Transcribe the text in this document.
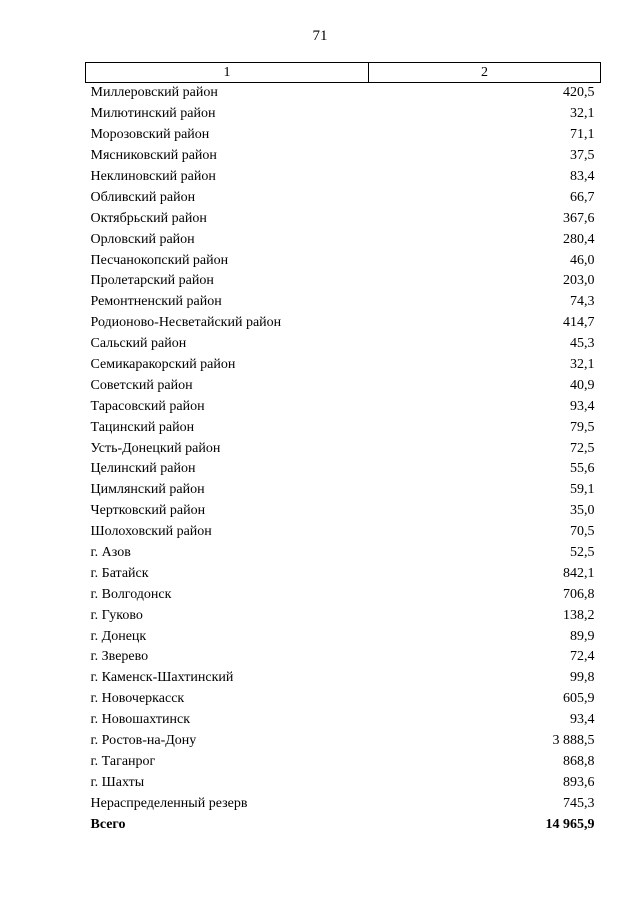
71
1	2
Миллеровский район	420,5
Милютинский район	32,1
Морозовский район	71,1
Мясниковский район	37,5
Неклиновский район	83,4
Обливский район	66,7
Октябрьский район	367,6
Орловский район	280,4
Песчанокопский район	46,0
Пролетарский район	203,0
Ремонтненский район	74,3
Родионово-Несветайский район	414,7
Сальский район	45,3
Семикаракорский район	32,1
Советский район	40,9
Тарасовский район	93,4
Тацинский район	79,5
Усть-Донецкий район	72,5
Целинский район	55,6
Цимлянский район	59,1
Чертковский район	35,0
Шолоховский район	70,5
г. Азов	52,5
г. Батайск	842,1
г. Волгодонск	706,8
г. Гуково	138,2
г. Донецк	89,9
г. Зверево	72,4
г. Каменск-Шахтинский	99,8
г. Новочеркасск	605,9
г. Новошахтинск	93,4
г. Ростов-на-Дону	3 888,5
г. Таганрог	868,8
г. Шахты	893,6
Нераспределенный резерв	745,3
Всего	14 965,9
